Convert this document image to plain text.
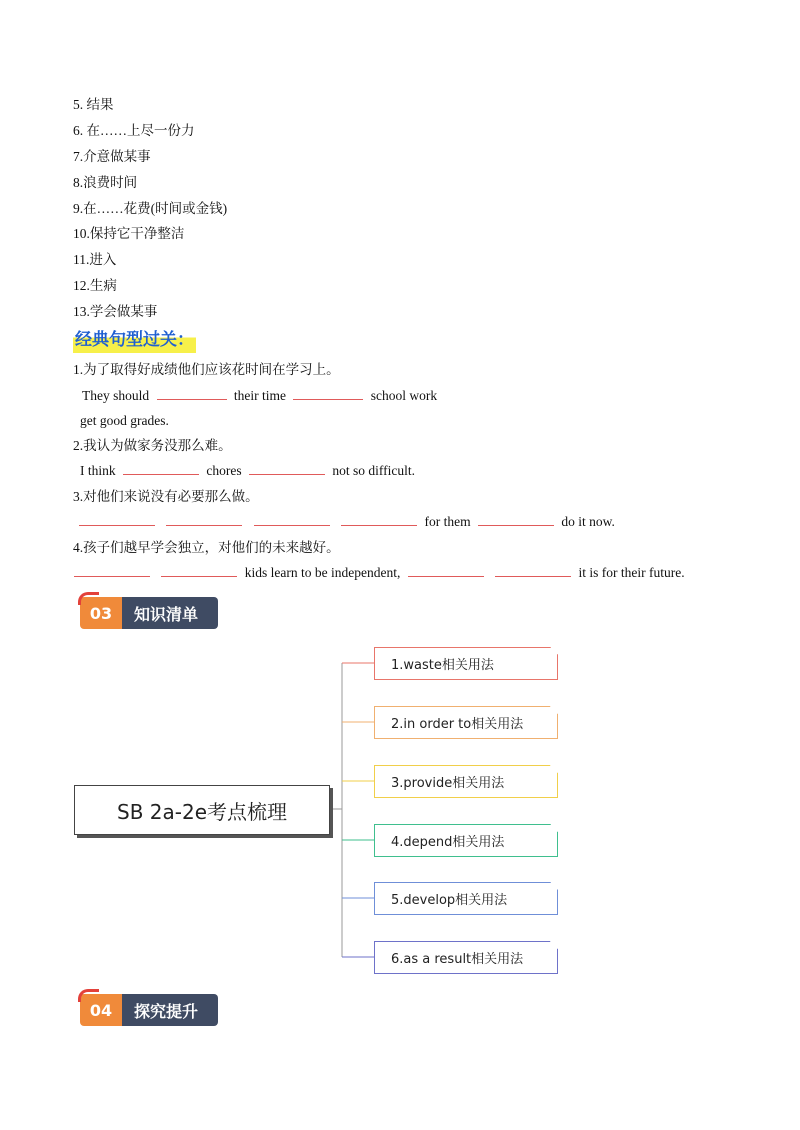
5. 结果
6. 在……上尽一份力
7.介意做某事
8.浪费时间
9.在……花费(时间或金钱)
10.保持它干净整洁
11.进入
12.生病
13.学会做某事
经典句型过关：
1.为了取得好成绩他们应该花时间在学习上。
They should	their time	school work
get good grades.
2.我认为做家务没那么难。
I think	chores	not so difficult.
3.对他们来说没有必要那么做。
for them	do it now.
4.孩子们越早学会独立，对他们的未来越好。
kids learn to be independent,	it is for their future.
03	知识清单
SB 2a-2e考点梳理
1.waste相关用法
2.in order to相关用法
3.provide相关用法
4.depend相关用法
5.develop相关用法
6.as a result相关用法
04	探究提升
